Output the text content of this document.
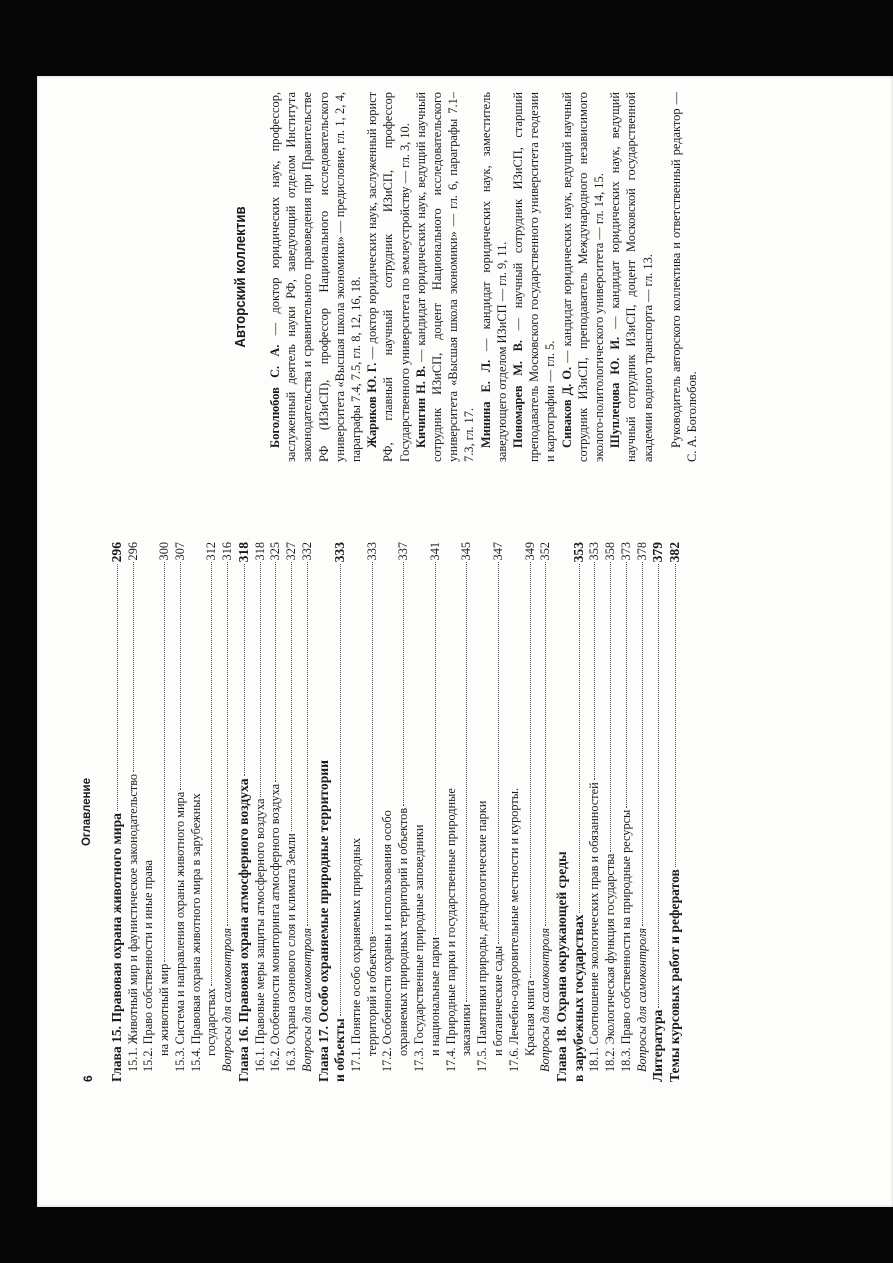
6
Оглавление
Глава 15. Правовая охрана животного мира
296
15.1. Животный мир и фаунистическое законодательство
296
15.2. Право собственности и иные права на животный мир
300
15.3. Система и направления охраны животного мира
307
15.4. Правовая охрана животного мира в зарубежных государствах
312
Вопросы для самоконтроля
316
Глава 16. Правовая охрана атмосферного воздуха
318
16.1. Правовые меры защиты атмосферного воздуха
318
16.2. Особенности мониторинга атмосферного воздуха
325
16.3. Охрана озонового слоя и климата Земли
327
Вопросы для самоконтроля
332
Глава 17. Особо охраняемые природные территории и объекты
333
17.1. Понятие особо охраняемых природных территорий и объектов
333
17.2. Особенности охраны и использования особо охраняемых природных территорий и объектов
337
17.3. Государственные природные заповедники и национальные парки
341
17.4. Природные парки и государственные природные заказники
345
17.5. Памятники природы, дендрологические парки и ботанические сады
347
17.6. Лечебно-оздоровительные местности и курорты. Красная книга
349
Вопросы для самоконтроля
352
Глава 18. Охрана окружающей среды в зарубежных государствах
353
18.1. Соотношение экологических прав и обязанностей
353
18.2. Экологическая функция государства
358
18.3. Право собственности на природные ресурсы
373
Вопросы для самоконтроля
378
Литература
379
Темы курсовых работ и рефератов
382
Авторский коллектив

Боголюбов С. А. — доктор юридических наук, профессор, заслуженный деятель науки РФ, заведующий отделом Института законодательства и сравнительного правоведения при Правительстве РФ (ИЗиСП), профессор Национального исследовательского университета «Высшая школа экономики» — предисловие, гл. 1, 2, 4, параграфы 7.4, 7.5, гл. 8, 12, 16, 18. Жариков Ю. Г. — доктор юридических наук, заслуженный юрист РФ, главный научный сотрудник ИЗиСП, профессор Государственного университета по землеустройству — гл. 3, 10. Кичигин Н. В. — кандидат юридических наук, ведущий научный сотрудник ИЗиСП, доцент Национального исследовательского университета «Высшая школа экономики» — гл. 6, параграфы 7.1–7.3, гл. 17. Минина Е. Л. — кандидат юридических наук, заместитель заведующего отделом ИЗиСП — гл. 9, 11. Пономарев М. В. — научный сотрудник ИЗиСП, старший преподаватель Московского государственного университета геодезии и картографии — гл. 5. Сиваков Д. О. — кандидат юридических наук, ведущий научный сотрудник ИЗиСП, преподаватель Международного независимого эколого-политологического университета — гл. 14, 15. Шуплецова Ю. И. — кандидат юридических наук, ведущий научный сотрудник ИЗиСП, доцент Московской государственной академии водного транспорта — гл. 13. Руководитель авторского коллектива и ответственный редактор — С. А. Боголюбов.
